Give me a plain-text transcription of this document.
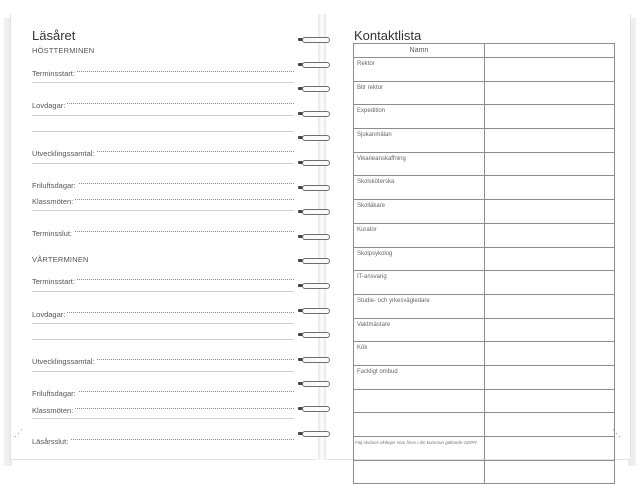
Läsåret
HÖSTTERMINEN
Terminsstart:
Lovdagar:
Utvecklingssamtal:
Friluftsdagar:
Klassmöten:
Terminsslut:
VÅRTERMINEN
Terminsstart:
Lovdagar:
Utvecklingssamtal:
Friluftsdagar:
Klassmöten:
Läsårsslut:
⋰	⋱
Kontaktlista
Namn	
Rektor	
Bitr rektor	
Expedition	
Sjukanmälan	
Vikarieanskaffning	
Skolsköterska	
Skolläkare	
Kurator	
Skolpsykolog	
IT-ansvarig	
Studie- och yrkesvägledare	
Vaktmästare	
Kök	
Fackligt ombud	

Följ skolans riktlinjer som finns i din kommun gällande GDPR.
